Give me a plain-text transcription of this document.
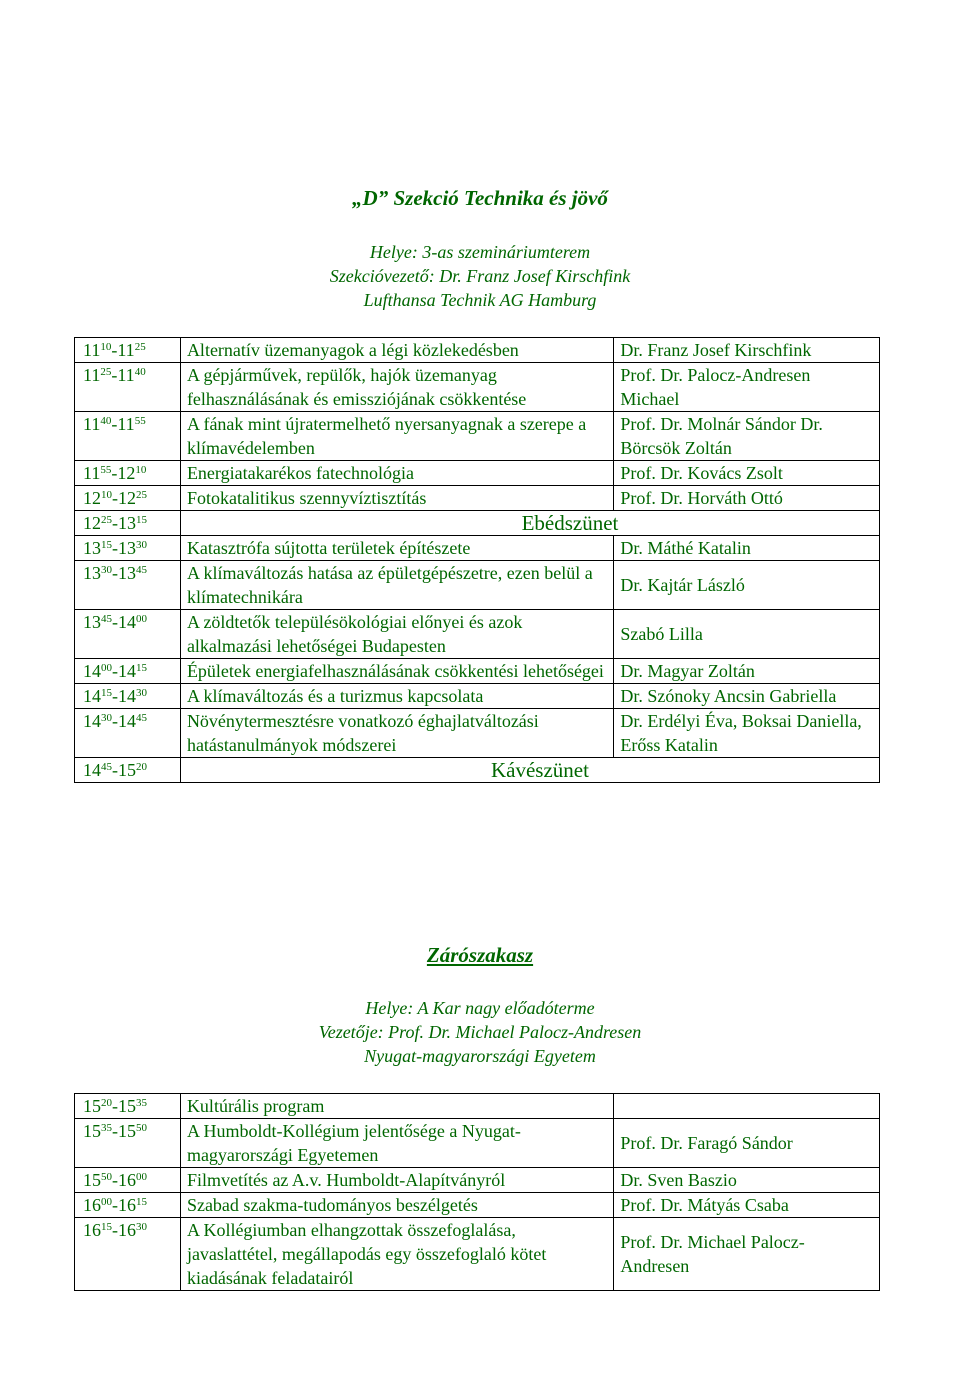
„D” Szekció Technika és jövő
Helye: 3-as szemináriumterem
Szekcióvezető: Dr. Franz Josef Kirschfink
Lufthansa Technik AG Hamburg
$11^{10}-11^{25}$	Alternatív üzemanyagok a légi közlekedésben	Dr. Franz Josef Kirschfink
$11^{25}-11^{40}$	A gépjárművek, repülők, hajók üzemanyag felhasználásának és emissziójának csökkentése	Prof. Dr. Palocz-Andresen Michael
$11^{40}-11^{55}$	A fának mint újratermelhető nyersanyagnak a szerepe a klímavédelemben	Prof. Dr. Molnár Sándor Dr. Börcsök Zoltán
$11^{55}-12^{10}$	Energiatakarékos fatechnológia	Prof. Dr. Kovács Zsolt
$12^{10}-12^{25}$	Fotokatalitikus szennyvíztisztítás	Prof. Dr. Horváth Ottó
$12^{25}-13^{15}$	Ebédszünet	

$13^{15}-13^{30}$	Katasztrófa sújtotta területek építészete	Dr. Máthé Katalin
$13^{30}-13^{45}$	A klímaváltozás hatása az épületgépészetre, ezen belül a klímatechnikára	Dr. Kajtár László
$13^{45}-14^{00}$	A zöldtetők településökológiai előnyei és azok alkalmazási lehetőségei Budapesten	Szabó Lilla
$14^{00}-14^{15}$	Épületek energiafelhasználásának csökkentési lehetőségei	Dr. Magyar Zoltán
$14^{15}-14^{30}$	A klímaváltozás és a turizmus kapcsolata	Dr. Szónoky Ancsin Gabriella
$14^{30}-14^{45}$	Növénytermesztésre vonatkozó éghajlatváltozási hatástanulmányok módszerei	Dr. Erdélyi Éva, Boksai Daniella, Erőss Katalin
$14^{45}-15^{20}$	Kávészünet	
Zárószakasz
Helye: A Kar nagy előadóterme
Vezetője: Prof. Dr. Michael Palocz-Andresen
Nyugat-magyarországi Egyetem
$15^{20}-15^{35}$	Kultúrális program	
$15^{35}-15^{50}$	A Humboldt-Kollégium jelentősége a Nyugat-magyarországi Egyetemen	Prof. Dr. Faragó Sándor
$15^{50}-16^{00}$	Filmvetítés az A.v. Humboldt-Alapítványról	Dr. Sven Baszio
$16^{00}-16^{15}$	Szabad szakma-tudományos beszélgetés	Prof. Dr. Mátyás Csaba
$16^{15}-16^{30}$	A Kollégiumban elhangzottak összefoglalása, javaslattétel, megállapodás egy összefoglaló kötet kiadásának feladatairól	Prof. Dr. Michael Palocz-Andresen
